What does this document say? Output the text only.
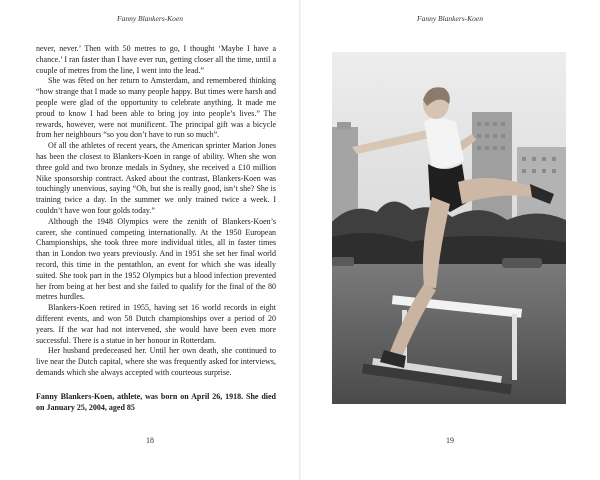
Fanny Blankers-Koen

never, never.’ Then with 50 metres to go, I thought ‘Maybe I have a chance.’ I ran faster than I have ever run, getting closer all the time, until a couple of metres from the line, I went into the lead.”

She was fêted on her return to Amsterdam, and remembered thinking “how strange that I made so many people happy. But times were harsh and people were glad of the opportunity to celebrate anything. It made me proud to know I had been able to bring joy into people’s lives.” The rewards, however, were not munificent. The principal gift was a bicycle from her neighbours “so you don’t have to run so much”.

Of all the athletes of recent years, the American sprinter Marion Jones has been the closest to Blankers-Koen in range of ability. When she won three gold and two bronze medals in Sydney, she received a £10 million Nike sponsorship contract. Asked about the contrast, Blankers-Koen was touchingly unenvious, saying “Oh, but she is really good, isn’t she? She is training twice a day. In the summer we only trained twice a week. I couldn’t have won four golds today.”

Although the 1948 Olympics were the zenith of Blankers-Koen’s career, she continued competing internationally. At the 1950 European Championships, she took three more individual titles, all in faster times than in London two years previously. And in 1951 she set her final world record, this time in the pentathlon, an event for which she was ideally suited. She took part in the 1952 Olympics but a blood infection prevented her from being at her best and she failed to qualify for the final of the 80 metres hurdles.

Blankers-Koen retired in 1955, having set 16 world records in eight different events, and won 58 Dutch championships over a period of 20 years. If the war had not intervened, she would have been even more successful. There is a statue in her honour in Rotterdam.

Her husband predeceased her. Until her own death, she continued to live near the Dutch capital, where she was frequently asked for interviews, demands which she always accepted with courteous surprise.

Fanny Blankers-Koen, athlete, was born on April 26, 1918. She died on January 25, 2004, aged 85

18

Fanny Blankers-Koen

19
